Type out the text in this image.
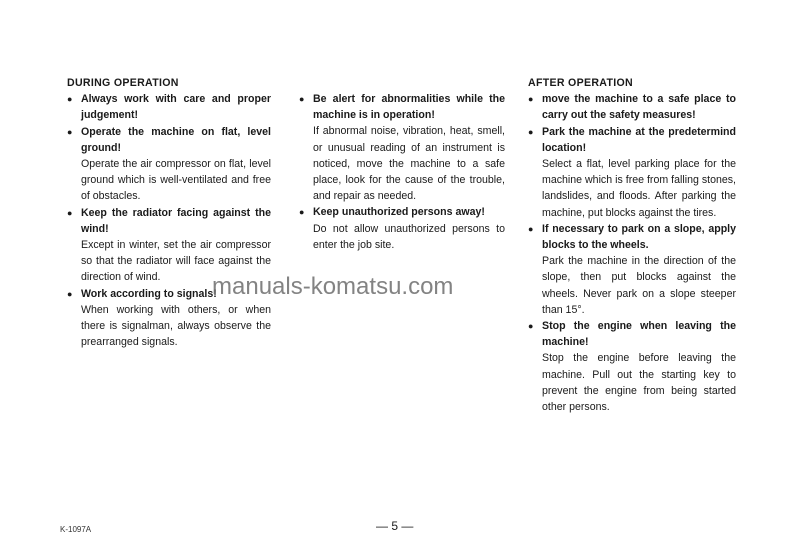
DURING OPERATION

● Always work with care and proper judgement!
● Operate the machine on flat, level ground!
Operate the air compressor on flat, level ground which is well-ventilated and free of obstacles.
● Keep the radiator facing against the wind!
Except in winter, set the air compressor so that the radiator will face against the direction of wind.
● Work according to signals!
When working with others, or when there is signalman, always observe the prearranged signals.
● Be alert for abnormalities while the machine is in operation!
If abnormal noise, vibration, heat, smell, or unusual reading of an instrument is noticed, move the machine to a safe place, look for the cause of the trouble, and repair as needed.
● Keep unauthorized persons away!
Do not allow unauthorized persons to enter the job site.

AFTER OPERATION

● move the machine to a safe place to carry out the safety measures!
● Park the machine at the predetermind location!
Select a flat, level parking place for the machine which is free from falling stones, landslides, and floods. After parking the machine, put blocks against the tires.
● If necessary to park on a slope, apply blocks to the wheels.
Park the machine in the direction of the slope, then put blocks against the wheels. Never park on a slope steeper than 15°.
● Stop the engine when leaving the machine!
Stop the engine before leaving the machine. Pull out the starting key to prevent the engine from being started other persons.
manuals-komatsu.com
— 5 —
K-1097A
